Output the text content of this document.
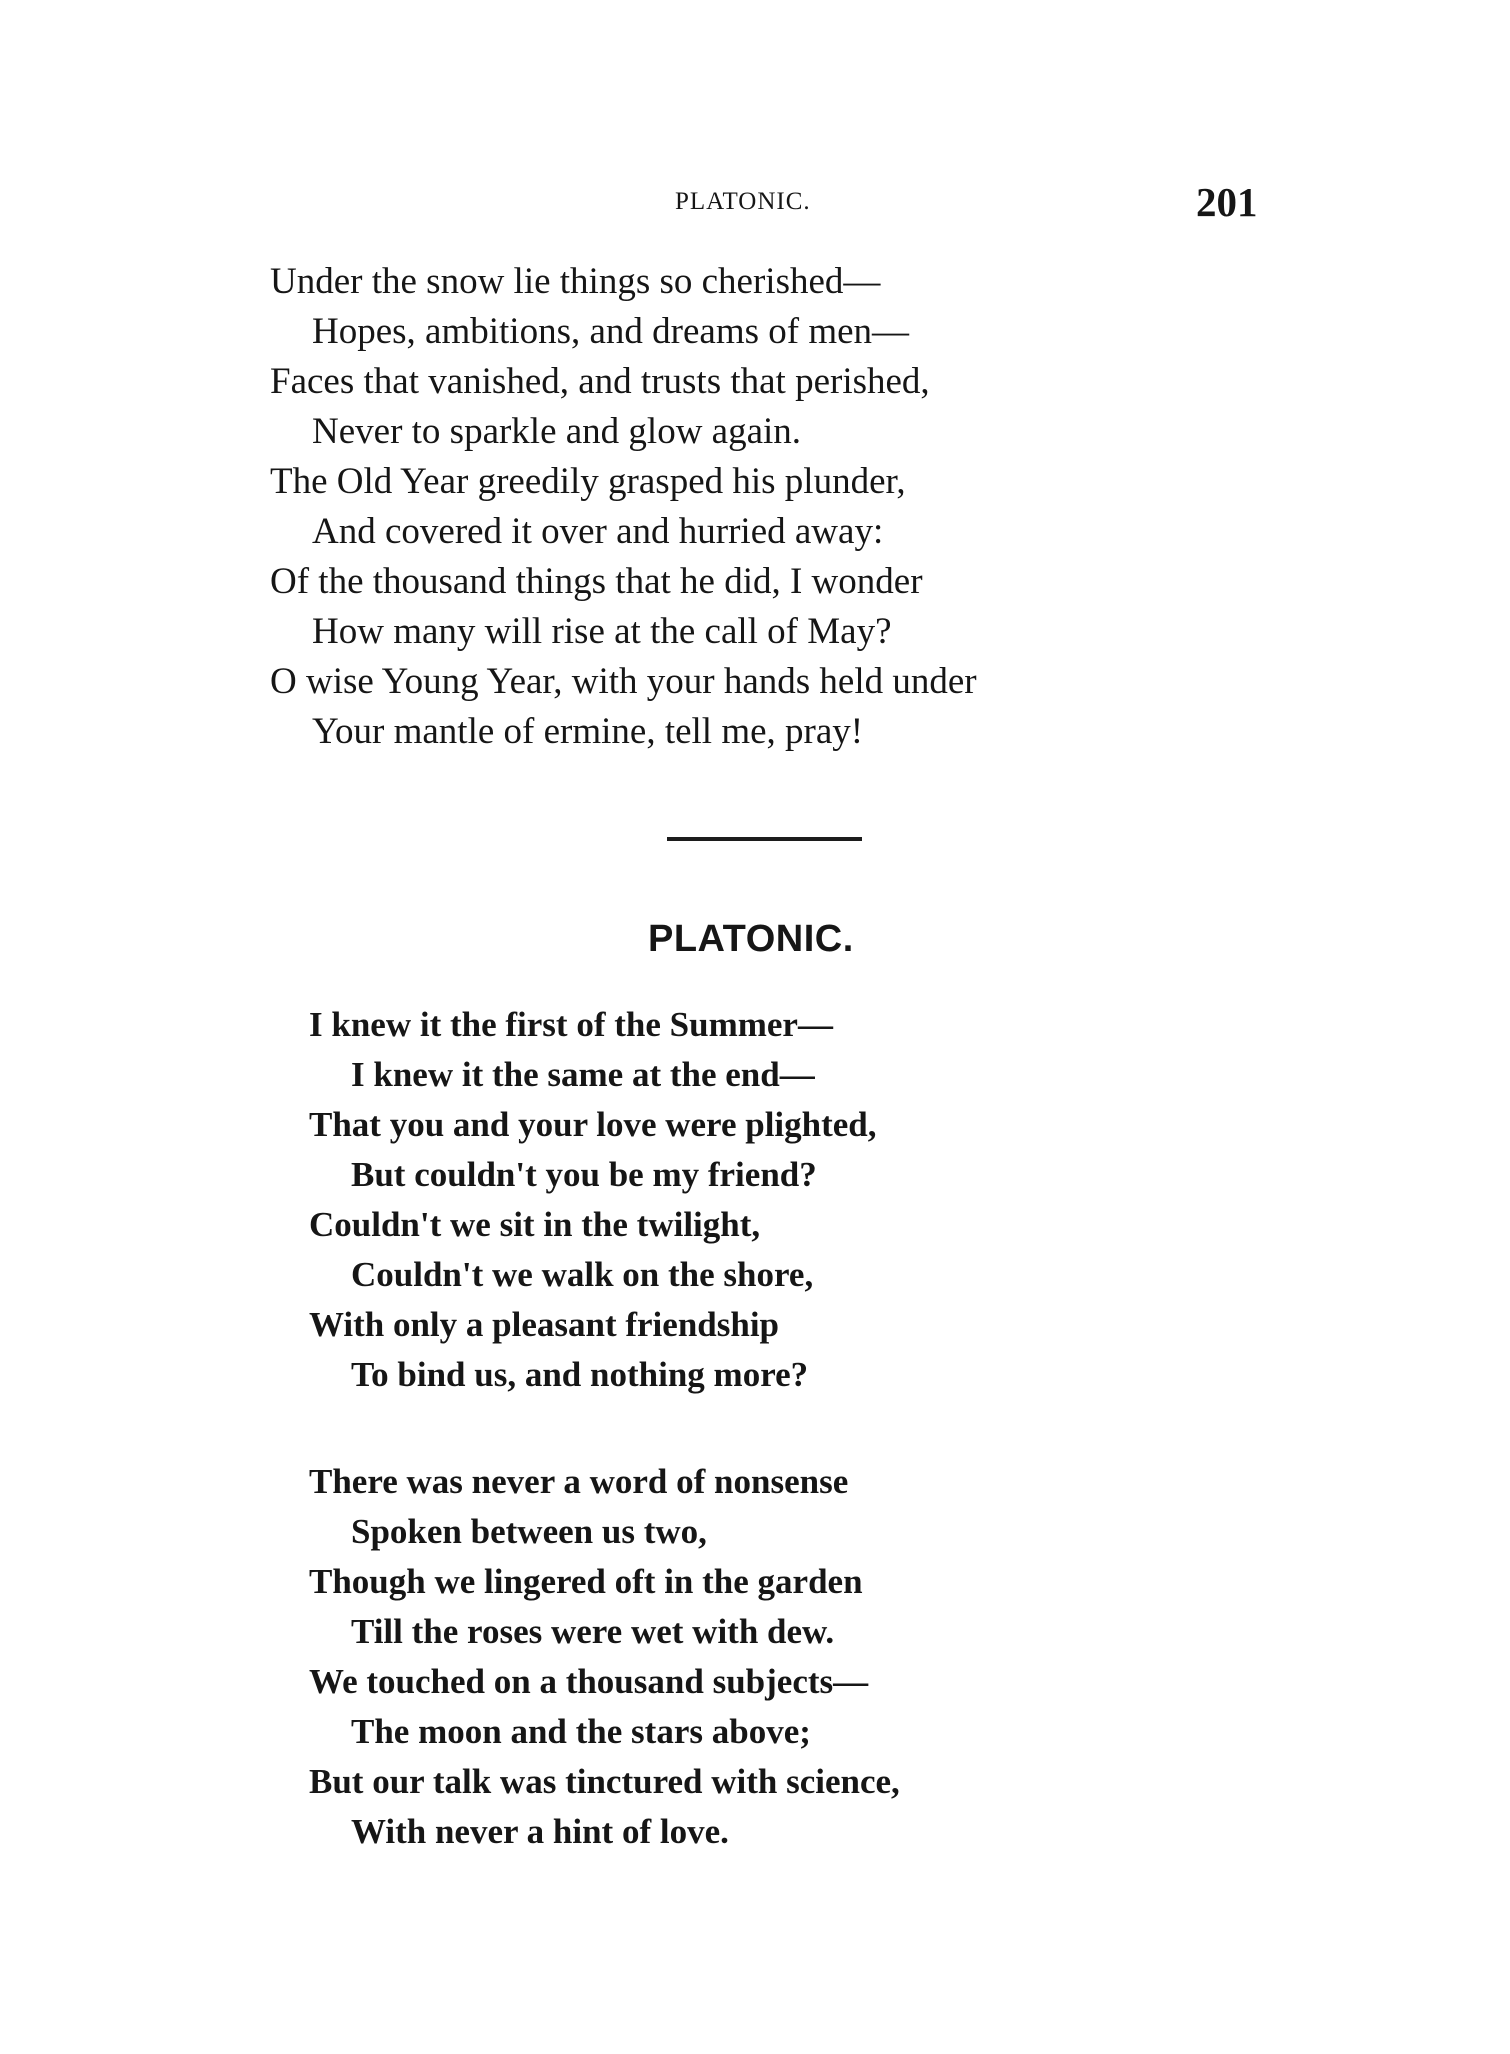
PLATONIC.	201
Under the snow lie things so cherished—
Hopes, ambitions, and dreams of men—
Faces that vanished, and trusts that perished,
Never to sparkle and glow again.
The Old Year greedily grasped his plunder,
And covered it over and hurried away:
Of the thousand things that he did, I wonder
How many will rise at the call of May?
O wise Young Year, with your hands held under
Your mantle of ermine, tell me, pray!
PLATONIC.
I knew it the first of the Summer—
I knew it the same at the end—
That you and your love were plighted,
But couldn't you be my friend?
Couldn't we sit in the twilight,
Couldn't we walk on the shore,
With only a pleasant friendship
To bind us, and nothing more?
There was never a word of nonsense
Spoken between us two,
Though we lingered oft in the garden
Till the roses were wet with dew.
We touched on a thousand subjects—
The moon and the stars above;
But our talk was tinctured with science,
With never a hint of love.
